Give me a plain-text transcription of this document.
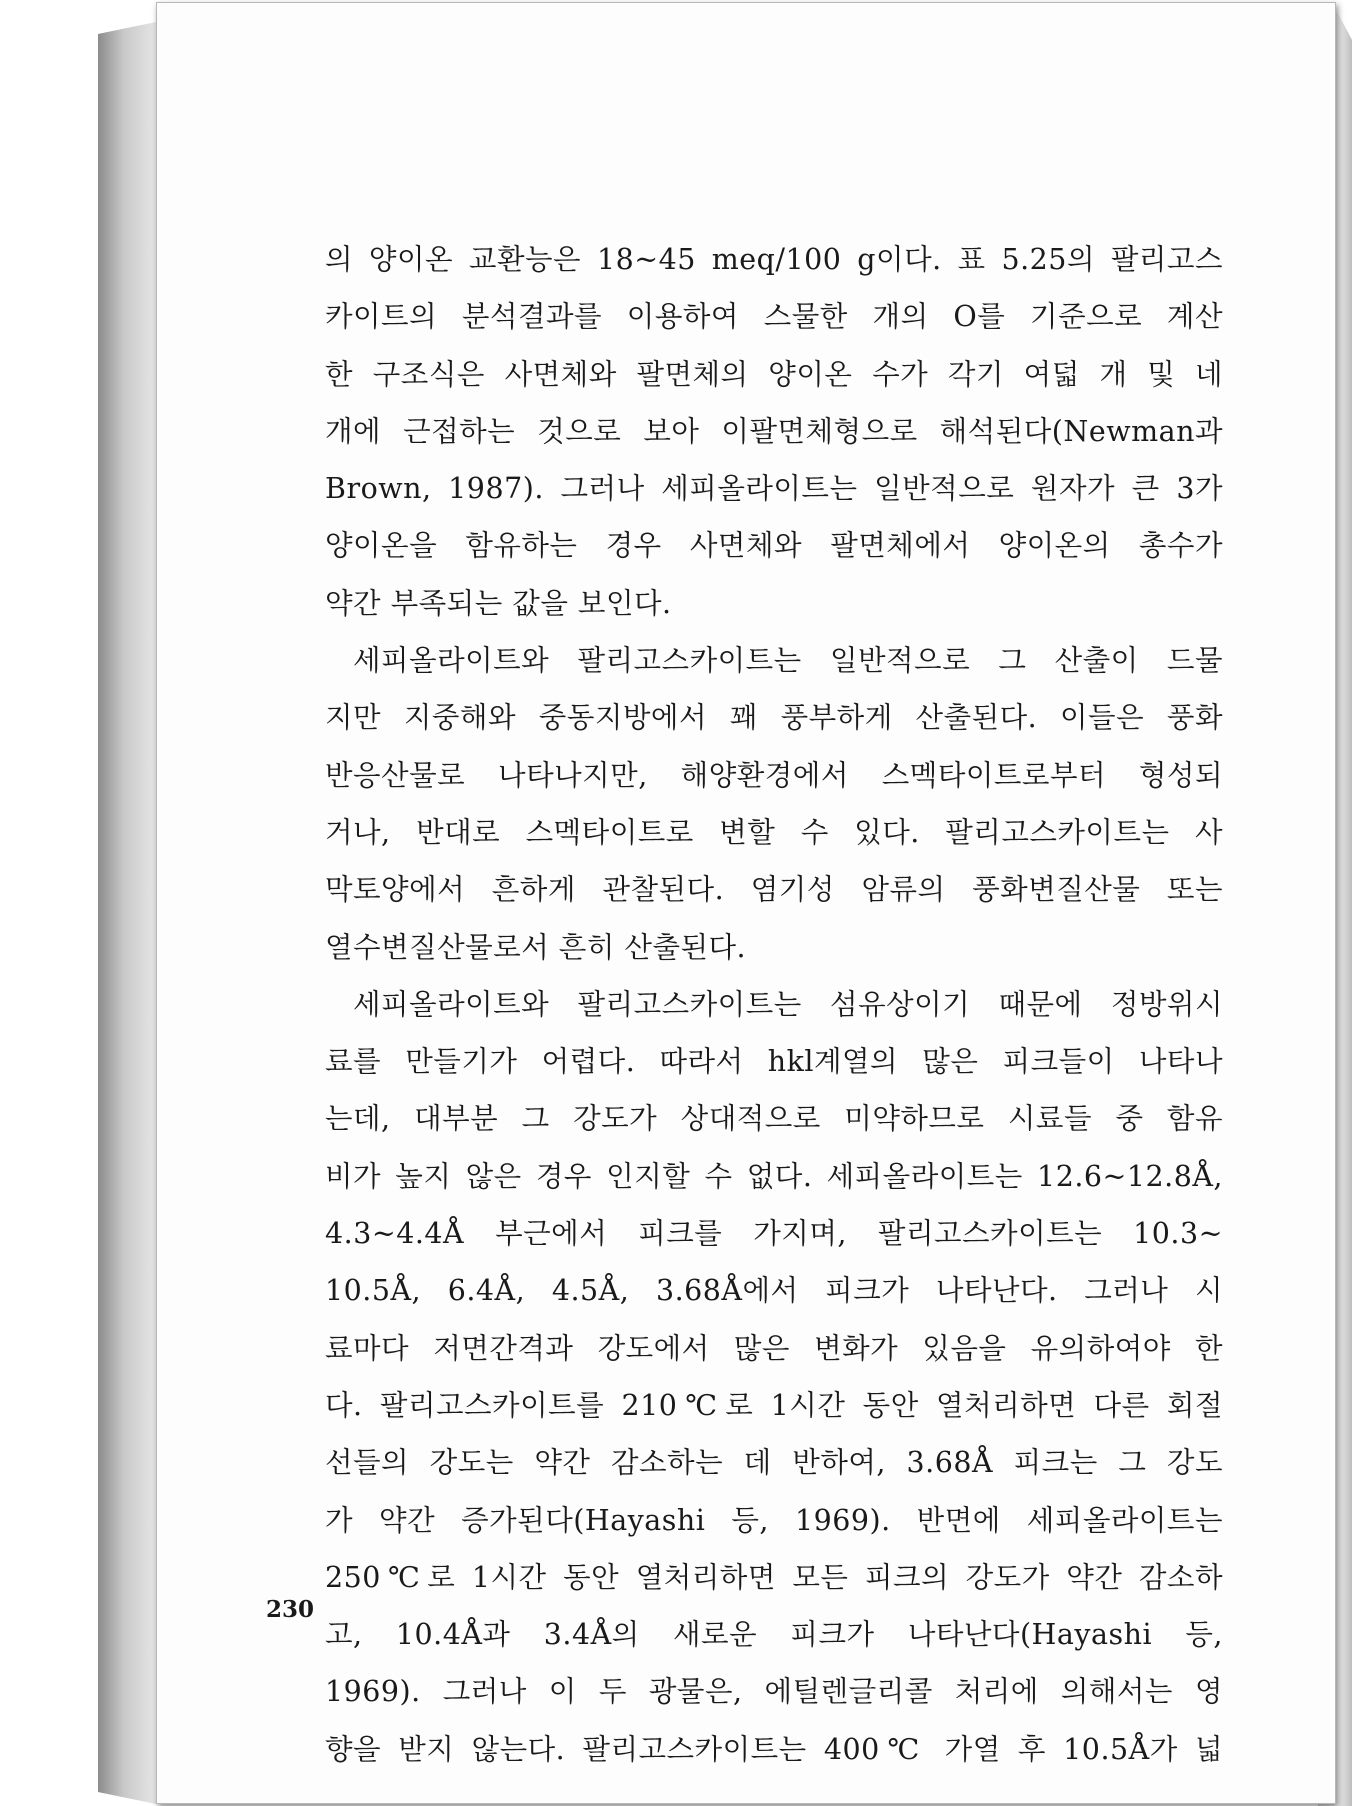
의 양이온 교환능은 18~45 meq/100 g이다. 표 5.25의 팔리고스
카이트의 분석결과를 이용하여 스물한 개의 O를 기준으로 계산
한 구조식은 사면체와 팔면체의 양이온 수가 각기 여덟 개 및 네
개에 근접하는 것으로 보아 이팔면체형으로 해석된다(Newman과
Brown, 1987). 그러나 세피올라이트는 일반적으로 원자가 큰 3가
양이온을 함유하는 경우 사면체와 팔면체에서 양이온의 총수가
약간 부족되는 값을 보인다.
세피올라이트와 팔리고스카이트는 일반적으로 그 산출이 드물
지만 지중해와 중동지방에서 꽤 풍부하게 산출된다. 이들은 풍화
반응산물로 나타나지만, 해양환경에서 스멕타이트로부터 형성되
거나, 반대로 스멕타이트로 변할 수 있다. 팔리고스카이트는 사
막토양에서 흔하게 관찰된다. 염기성 암류의 풍화변질산물 또는
열수변질산물로서 흔히 산출된다.
세피올라이트와 팔리고스카이트는 섬유상이기 때문에 정방위시
료를 만들기가 어렵다. 따라서 hkl계열의 많은 피크들이 나타나
는데, 대부분 그 강도가 상대적으로 미약하므로 시료들 중 함유
비가 높지 않은 경우 인지할 수 없다. 세피올라이트는 12.6~12.8Å,
4.3~4.4Å 부근에서 피크를 가지며, 팔리고스카이트는 10.3~
10.5Å, 6.4Å, 4.5Å, 3.68Å에서 피크가 나타난다. 그러나 시
료마다 저면간격과 강도에서 많은 변화가 있음을 유의하여야 한
다. 팔리고스카이트를 210℃로 1시간 동안 열처리하면 다른 회절
선들의 강도는 약간 감소하는 데 반하여, 3.68Å 피크는 그 강도
가 약간 증가된다(Hayashi 등, 1969). 반면에 세피올라이트는
250℃로 1시간 동안 열처리하면 모든 피크의 강도가 약간 감소하
고, 10.4Å과 3.4Å의 새로운 피크가 나타난다(Hayashi 등,
1969). 그러나 이 두 광물은, 에틸렌글리콜 처리에 의해서는 영
향을 받지 않는다. 팔리고스카이트는 400℃ 가열 후 10.5Å가 넓
230
